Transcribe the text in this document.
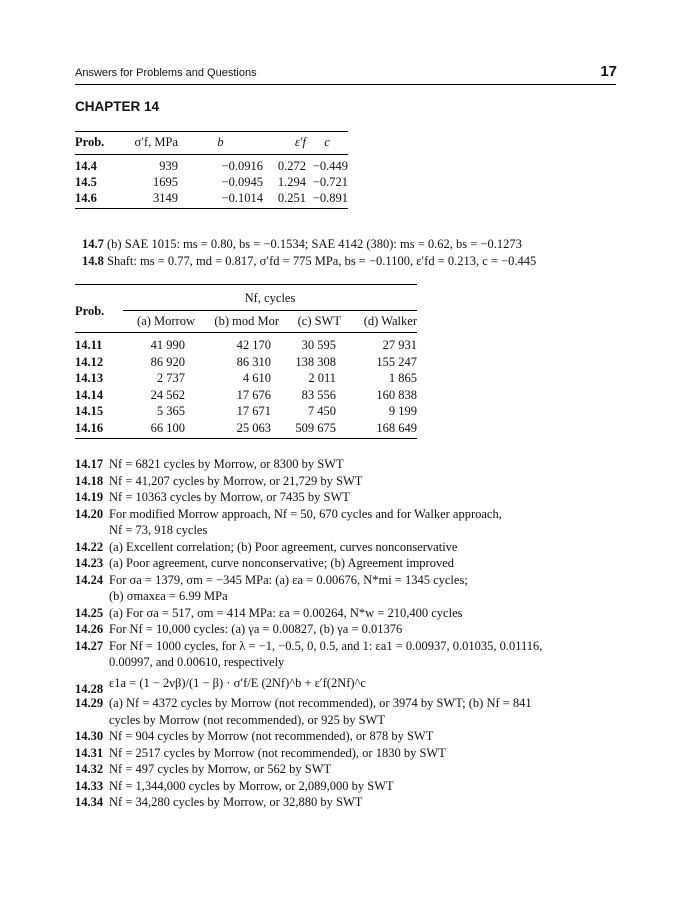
Answers for Problems and Questions	17
CHAPTER 14
Prob.	σ′f, MPa	b	ε′f	c
14.4	939	−0.0916	0.272	−0.449
14.5	1695	−0.0945	1.294	−0.721
14.6	3149	−0.1014	0.251	−0.891
14.7 (b) SAE 1015: ms = 0.80, bs = −0.1534; SAE 4142 (380): ms = 0.62, bs = −0.1273
14.8 Shaft: ms = 0.77, md = 0.817, σ′fd = 775 MPa, bs = −0.1100, ε′fd = 0.213, c = −0.445
Prob.	Nf, cycles			
	(a) Morrow	(b) mod Mor	(c) SWT	(d) Walker
14.11	41 990	42 170	30 595	27 931
14.12	86 920	86 310	138 308	155 247
14.13	2 737	4 610	2 011	1 865
14.14	24 562	17 676	83 556	160 838
14.15	5 365	17 671	7 450	9 199
14.16	66 100	25 063	509 675	168 649
14.17 Nf = 6821 cycles by Morrow, or 8300 by SWT
14.18 Nf = 41,207 cycles by Morrow, or 21,729 by SWT
14.19 Nf = 10363 cycles by Morrow, or 7435 by SWT
14.20 For modified Morrow approach, Nf = 50, 670 cycles and for Walker approach,
Nf = 73, 918 cycles
14.22 (a) Excellent correlation; (b) Poor agreement, curves nonconservative
14.23 (a) Poor agreement, curve nonconservative; (b) Agreement improved
14.24 For σa = 1379, σm = −345 MPa: (a) εa = 0.00676, N*mi = 1345 cycles;
(b) σmaxεa = 6.99 MPa
14.25 (a) For σa = 517, σm = 414 MPa: εa = 0.00264, N*w = 210,400 cycles
14.26 For Nf = 10,000 cycles: (a) γa = 0.00827, (b) γa = 0.01376
14.27 For Nf = 1000 cycles, for λ = −1, −0.5, 0, 0.5, and 1: εa1 = 0.00937, 0.01035, 0.01116,
0.00997, and 0.00610, respectively
14.28 ε1a = (1 − 2νβ)/(1 − β) · σ′f/E (2Nf)^b + ε′f(2Nf)^c
14.29 (a) Nf = 4372 cycles by Morrow (not recommended), or 3974 by SWT; (b) Nf = 841
cycles by Morrow (not recommended), or 925 by SWT
14.30 Nf = 904 cycles by Morrow (not recommended), or 878 by SWT
14.31 Nf = 2517 cycles by Morrow (not recommended), or 1830 by SWT
14.32 Nf = 497 cycles by Morrow, or 562 by SWT
14.33 Nf = 1,344,000 cycles by Morrow, or 2,089,000 by SWT
14.34 Nf = 34,280 cycles by Morrow, or 32,880 by SWT
